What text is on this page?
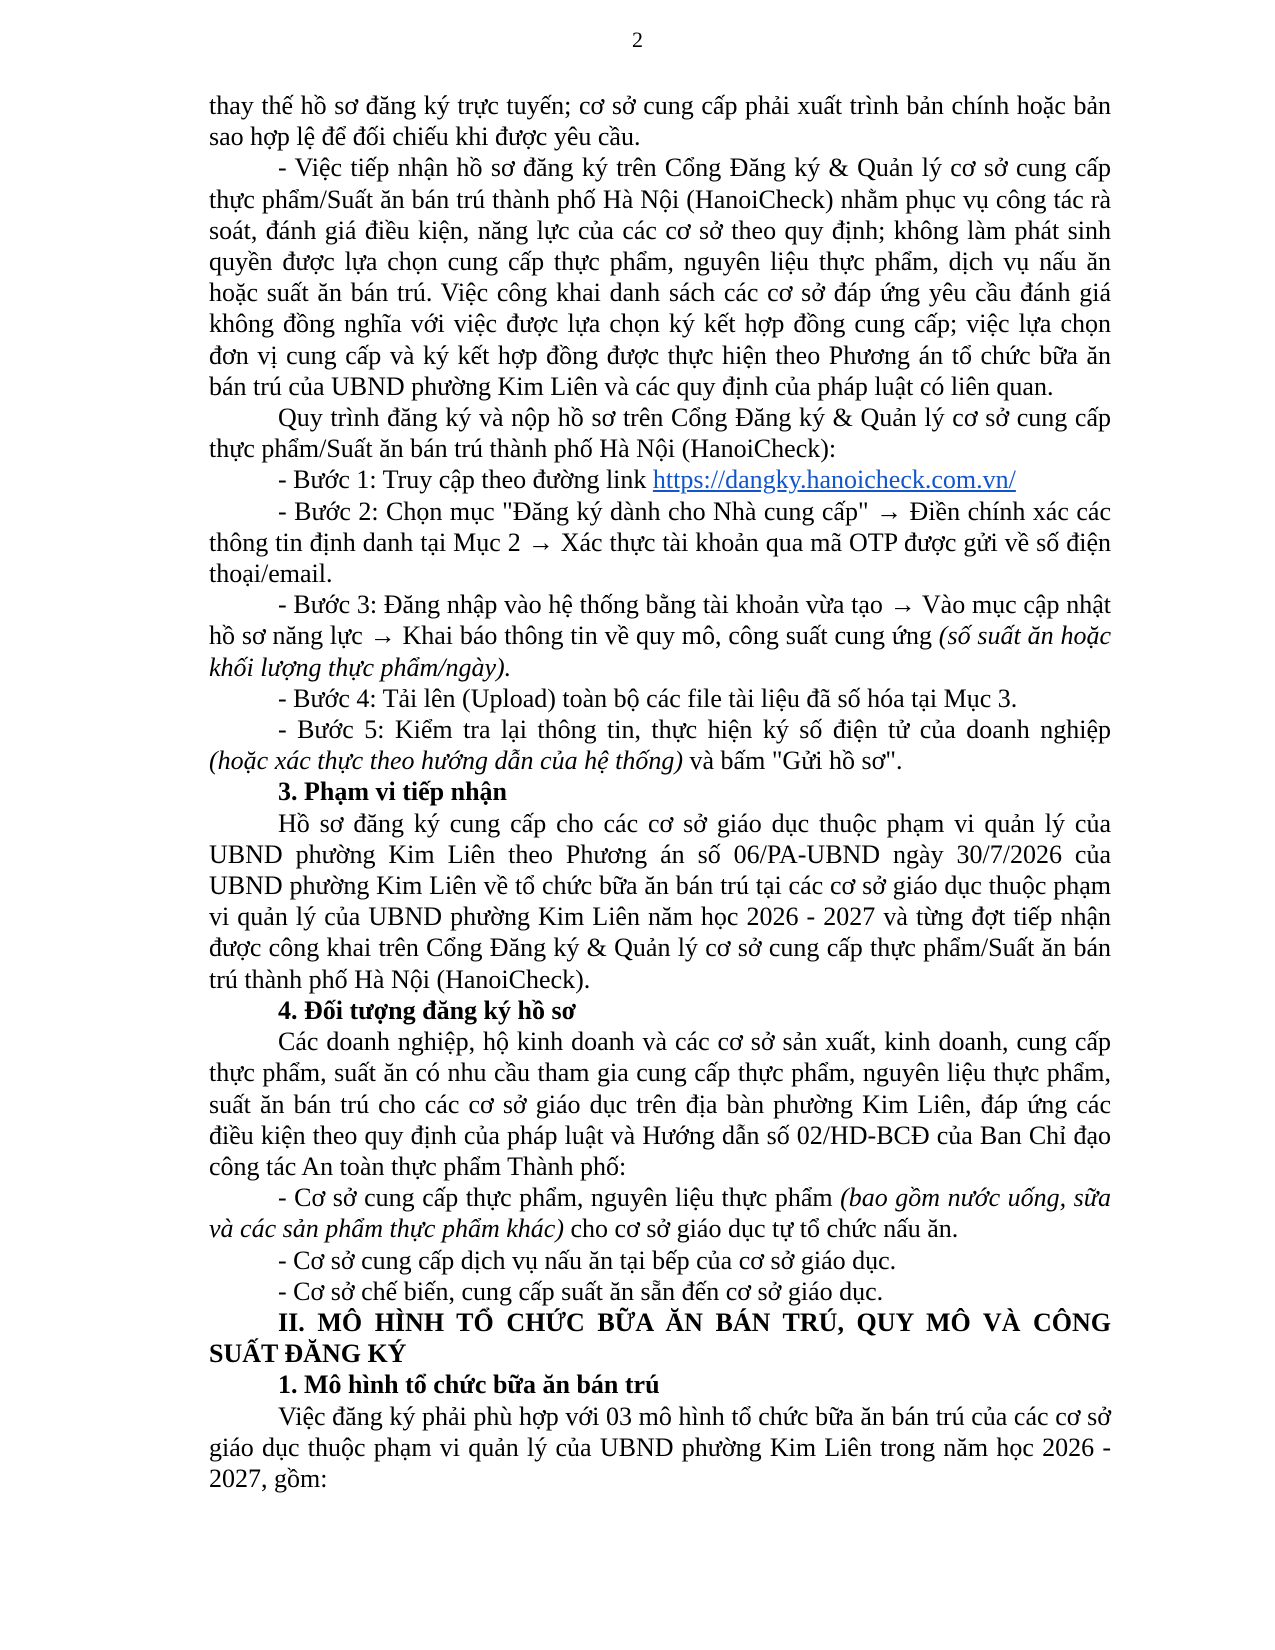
2

thay thế hồ sơ đăng ký trực tuyến; cơ sở cung cấp phải xuất trình bản chính hoặc bản sao hợp lệ để đối chiếu khi được yêu cầu.

- Việc tiếp nhận hồ sơ đăng ký trên Cổng Đăng ký & Quản lý cơ sở cung cấp thực phẩm/Suất ăn bán trú thành phố Hà Nội (HanoiCheck) nhằm phục vụ công tác rà soát, đánh giá điều kiện, năng lực của các cơ sở theo quy định; không làm phát sinh quyền được lựa chọn cung cấp thực phẩm, nguyên liệu thực phẩm, dịch vụ nấu ăn hoặc suất ăn bán trú. Việc công khai danh sách các cơ sở đáp ứng yêu cầu đánh giá không đồng nghĩa với việc được lựa chọn ký kết hợp đồng cung cấp; việc lựa chọn đơn vị cung cấp và ký kết hợp đồng được thực hiện theo Phương án tổ chức bữa ăn bán trú của UBND phường Kim Liên và các quy định của pháp luật có liên quan.

Quy trình đăng ký và nộp hồ sơ trên Cổng Đăng ký & Quản lý cơ sở cung cấp thực phẩm/Suất ăn bán trú thành phố Hà Nội (HanoiCheck):

- Bước 1: Truy cập theo đường link https://dangky.hanoicheck.com.vn/

- Bước 2: Chọn mục "Đăng ký dành cho Nhà cung cấp" → Điền chính xác các thông tin định danh tại Mục 2 → Xác thực tài khoản qua mã OTP được gửi về số điện thoại/email.

- Bước 3: Đăng nhập vào hệ thống bằng tài khoản vừa tạo → Vào mục cập nhật hồ sơ năng lực → Khai báo thông tin về quy mô, công suất cung ứng (số suất ăn hoặc khối lượng thực phẩm/ngày).

- Bước 4: Tải lên (Upload) toàn bộ các file tài liệu đã số hóa tại Mục 3.

- Bước 5: Kiểm tra lại thông tin, thực hiện ký số điện tử của doanh nghiệp (hoặc xác thực theo hướng dẫn của hệ thống) và bấm "Gửi hồ sơ".

3. Phạm vi tiếp nhận

Hồ sơ đăng ký cung cấp cho các cơ sở giáo dục thuộc phạm vi quản lý của UBND phường Kim Liên theo Phương án số 06/PA-UBND ngày 30/7/2026 của UBND phường Kim Liên về tổ chức bữa ăn bán trú tại các cơ sở giáo dục thuộc phạm vi quản lý của UBND phường Kim Liên năm học 2026 - 2027 và từng đợt tiếp nhận được công khai trên Cổng Đăng ký & Quản lý cơ sở cung cấp thực phẩm/Suất ăn bán trú thành phố Hà Nội (HanoiCheck).

4. Đối tượng đăng ký hồ sơ

Các doanh nghiệp, hộ kinh doanh và các cơ sở sản xuất, kinh doanh, cung cấp thực phẩm, suất ăn có nhu cầu tham gia cung cấp thực phẩm, nguyên liệu thực phẩm, suất ăn bán trú cho các cơ sở giáo dục trên địa bàn phường Kim Liên, đáp ứng các điều kiện theo quy định của pháp luật và Hướng dẫn số 02/HD-BCĐ của Ban Chỉ đạo công tác An toàn thực phẩm Thành phố:

- Cơ sở cung cấp thực phẩm, nguyên liệu thực phẩm (bao gồm nước uống, sữa và các sản phẩm thực phẩm khác) cho cơ sở giáo dục tự tổ chức nấu ăn.

- Cơ sở cung cấp dịch vụ nấu ăn tại bếp của cơ sở giáo dục.

- Cơ sở chế biến, cung cấp suất ăn sẵn đến cơ sở giáo dục.

II. MÔ HÌNH TỔ CHỨC BỮA ĂN BÁN TRÚ, QUY MÔ VÀ CÔNG SUẤT ĐĂNG KÝ

1. Mô hình tổ chức bữa ăn bán trú

Việc đăng ký phải phù hợp với 03 mô hình tổ chức bữa ăn bán trú của các cơ sở giáo dục thuộc phạm vi quản lý của UBND phường Kim Liên trong năm học 2026 - 2027, gồm:
